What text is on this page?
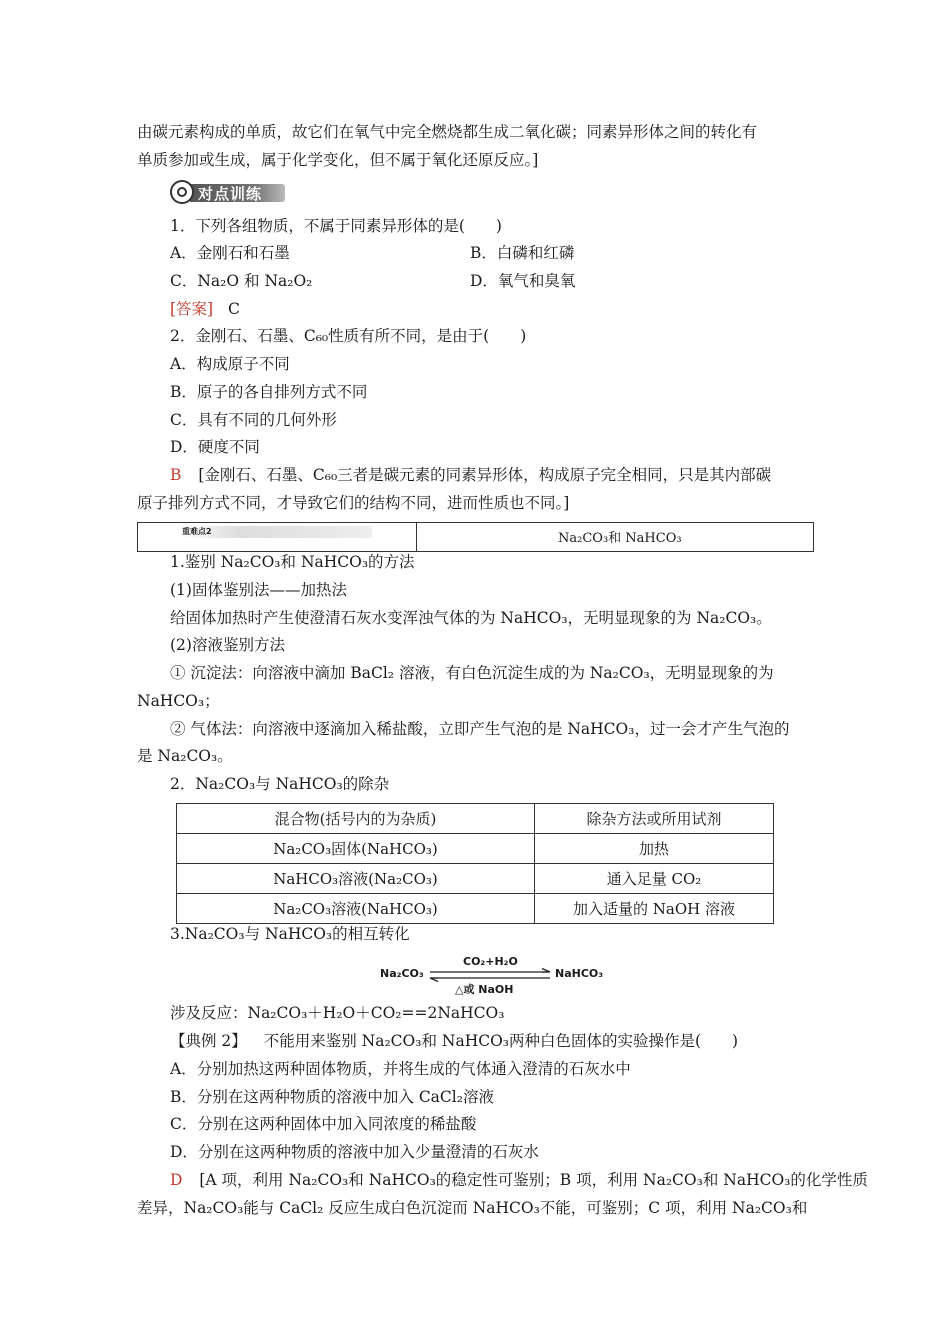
由碳元素构成的单质，故它们在氧气中完全燃烧都生成二氧化碳；同素异形体之间的转化有
单质参加或生成，属于化学变化，但不属于氧化还原反应。]
对点训练
1．下列各组物质，不属于同素异形体的是(　　)
A．金刚石和石墨	B．白磷和红磷
C．Na₂O 和 Na₂O₂	D．氧气和臭氧
[答案] C
2．金刚石、石墨、C₆₀性质有所不同，是由于(　　)
A．构成原子不同
B．原子的各自排列方式不同
C．具有不同的几何外形
D．硬度不同
B [金刚石、石墨、C₆₀三者是碳元素的同素异形体，构成原子完全相同，只是其内部碳
原子排列方式不同，才导致它们的结构不同，进而性质也不同。]
重难点2	Na₂CO₃和 NaHCO₃
1.鉴别 Na₂CO₃和 NaHCO₃的方法
(1)固体鉴别法——加热法
给固体加热时产生使澄清石灰水变浑浊气体的为 NaHCO₃，无明显现象的为 Na₂CO₃。
(2)溶液鉴别方法
① 沉淀法：向溶液中滴加 BaCl₂ 溶液，有白色沉淀生成的为 Na₂CO₃，无明显现象的为
NaHCO₃；
② 气体法：向溶液中逐滴加入稀盐酸，立即产生气泡的是 NaHCO₃，过一会才产生气泡的
是 Na₂CO₃。
2．Na₂CO₃与 NaHCO₃的除杂
混合物(括号内的为杂质)	除杂方法或所用试剂
Na₂CO₃固体(NaHCO₃)	加热
NaHCO₃溶液(Na₂CO₃)	通入足量 CO₂
Na₂CO₃溶液(NaHCO₃)	加入适量的 NaOH 溶液
3.Na₂CO₃与 NaHCO₃的相互转化
Na₂CO₃
CO₂+H₂O
△或 NaOH
NaHCO₃
涉及反应：Na₂CO₃＋H₂O＋CO₂==2NaHCO₃
【典例 2】 不能用来鉴别 Na₂CO₃和 NaHCO₃两种白色固体的实验操作是(　　)
A．分别加热这两种固体物质，并将生成的气体通入澄清的石灰水中
B．分别在这两种物质的溶液中加入 CaCl₂溶液
C．分别在这两种固体中加入同浓度的稀盐酸
D．分别在这两种物质的溶液中加入少量澄清的石灰水
D [A 项，利用 Na₂CO₃和 NaHCO₃的稳定性可鉴别；B 项，利用 Na₂CO₃和 NaHCO₃的化学性质
差异，Na₂CO₃能与 CaCl₂ 反应生成白色沉淀而 NaHCO₃不能，可鉴别；C 项，利用 Na₂CO₃和
